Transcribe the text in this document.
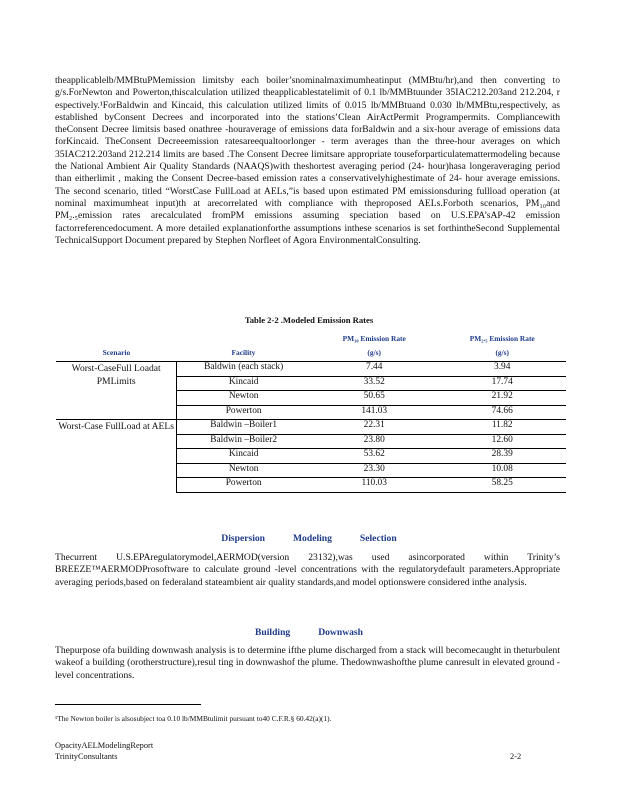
theapplicablelb/MMBtuPMemission limitsby each boiler’snominalmaximumheatinput (MMBtu/hr),and then converting to g/s.ForNewton and Powerton,thiscalculation utilized theapplicablestatelimit of 0.1 lb/MMBtuunder 35IAC212.203and 212.204, r espectively.¹ForBaldwin and Kincaid, this calculation utilized limits of 0.015 lb/MMBtuand 0.030 lb/MMBtu,respectively, as established byConsent Decrees and incorporated into the stations’Clean AirActPermit Programpermits. Compliancewith theConsent Decree limitsis based onathree -houraverage of emissions data forBaldwin and a six-hour average of emissions data forKincaid. TheConsent Decreeemission ratesareequaltoorlonger - term averages than the three-hour averages on which 35IAC212.203and 212.214 limits are based .The Consent Decree limitsare appropriate touseforparticulatemattermodeling because the National Ambient Air Quality Standards (NAAQS)with theshortest averaging period (24- hour)hasa longeraveraging period than eitherlimit , making the Consent Decree-based emission rates a conservativelyhighestimate of 24- hour average emissions. The second scenario, titled “WorstCase FullLoad at AELs,”is based upon estimated PM emissionsduring fullload operation (at nominal maximumheat input)th at arecorrelated with compliance with theproposed AELs.Forboth scenarios, PM₁₀and PM₂.₅emission rates arecalculated fromPM emissions assuming speciation based on U.S.EPA’sAP-42 emission factorreferencedocument. A more detailed explanationforthe assumptions inthese scenarios is set forthintheSecond Supplemental TechnicalSupport Document prepared by Stephen Norfleet of Agora EnvironmentalConsulting.

Table 2-2 .Modeled Emission Rates
		PM₁₀ Emission Rate	PM₂.₅ Emission Rate
Scenario	Facility	(g/s)	(g/s)
Worst-CaseFull Loadat PMLimits	Baldwin (each stack)	7.44	3.94
	Kincaid	33.52	17.74
	Newton	50.65	21.92
	Powerton	141.03	74.66
Worst-Case FullLoad at AELs	Baldwin –Boiler1	22.31	11.82
	Baldwin –Boiler2	23.80	12.60
	Kincaid	53.62	28.39
	Newton	23.30	10.08
	Powerton	110.03	58.25
Dispersion	Modeling	Selection

Thecurrent U.S.EPAregulatorymodel,AERMOD(version 23132),was used asincorporated within Trinity’s BREEZE™AERMODProsoftware to calculate ground -level concentrations with the regulatorydefault parameters.Appropriate averaging periods,based on federaland stateambient air quality standards,and model optionswere considered inthe analysis.

Building	Downwash

Thepurpose ofa building downwash analysis is to determine ifthe plume discharged from a stack will becomecaught in theturbulent wakeof a building (orotherstructure),resul ting in downwashof the plume. Thedownwashofthe plume canresult in elevated ground -level concentrations.

¹The Newton boiler is alsosubject toa 0.10 lb/MMBtulimit pursuant to40 C.F.R.§ 60.42(a)(1).
OpacityAELModelingReport
TrinityConsultants	2-2
